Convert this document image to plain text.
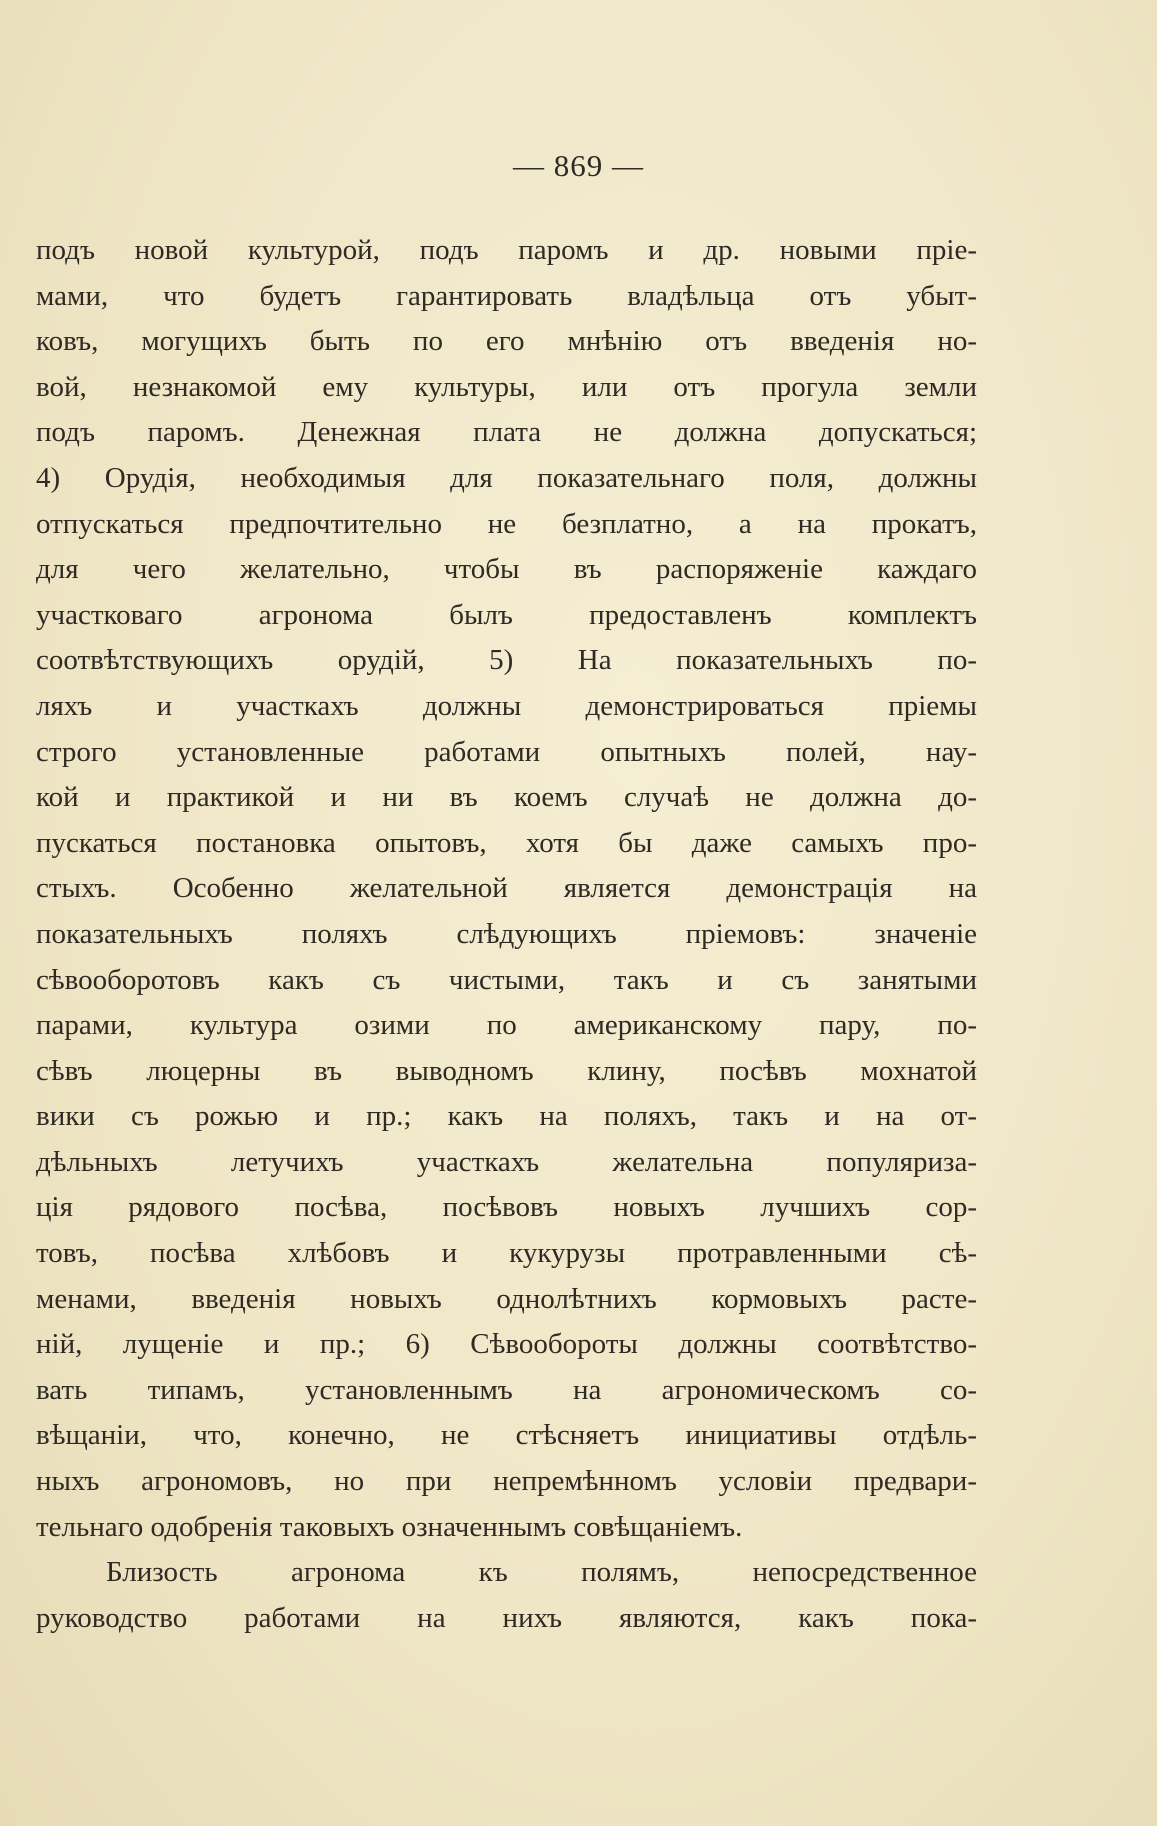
— 869 —
подъ новой культурой, подъ паромъ и др. новыми прiе-
мами, что будетъ гарантировать владѣльца отъ убыт-
ковъ, могущихъ быть по его мнѣнiю отъ введенiя но-
вой, незнакомой ему культуры, или отъ прогула земли
подъ паромъ. Денежная плата не должна допускаться;
4) Орудiя, необходимыя для показательнаго поля, должны
отпускаться предпочтительно не безплатно, а на прокатъ,
для чего желательно, чтобы въ распоряженiе каждаго
участковаго агронома былъ предоставленъ комплектъ
соотвѣтствующихъ орудiй, 5) На показательныхъ по-
ляхъ и участкахъ должны демонстрироваться прiемы
строго установленные работами опытныхъ полей, нау-
кой и практикой и ни въ коемъ случаѣ не должна до-
пускаться постановка опытовъ, хотя бы даже самыхъ про-
стыхъ. Особенно желательной является демонстрацiя на
показательныхъ поляхъ слѣдующихъ прiемовъ: значенiе
сѣвооборотовъ какъ съ чистыми, такъ и съ занятыми
парами, культура озими по американскому пару, по-
сѣвъ люцерны въ выводномъ клину, посѣвъ мохнатой
вики съ рожью и пр.; какъ на поляхъ, такъ и на от-
дѣльныхъ летучихъ участкахъ желательна популяриза-
цiя рядового посѣва, посѣвовъ новыхъ лучшихъ сор-
товъ, посѣва хлѣбовъ и кукурузы протравленными сѣ-
менами, введенiя новыхъ однолѣтнихъ кормовыхъ расте-
нiй, лущенiе и пр.; 6) Сѣвообороты должны соотвѣтство-
вать типамъ, установленнымъ на агрономическомъ со-
вѣщанiи, что, конечно, не стѣсняетъ инициативы отдѣль-
ныхъ агрономовъ, но при непремѣнномъ условiи предвари-
тельнаго одобренiя таковыхъ означеннымъ совѣщанiемъ.
Близость агронома къ полямъ, непосредственное
руководство работами на нихъ являются, какъ пока-
